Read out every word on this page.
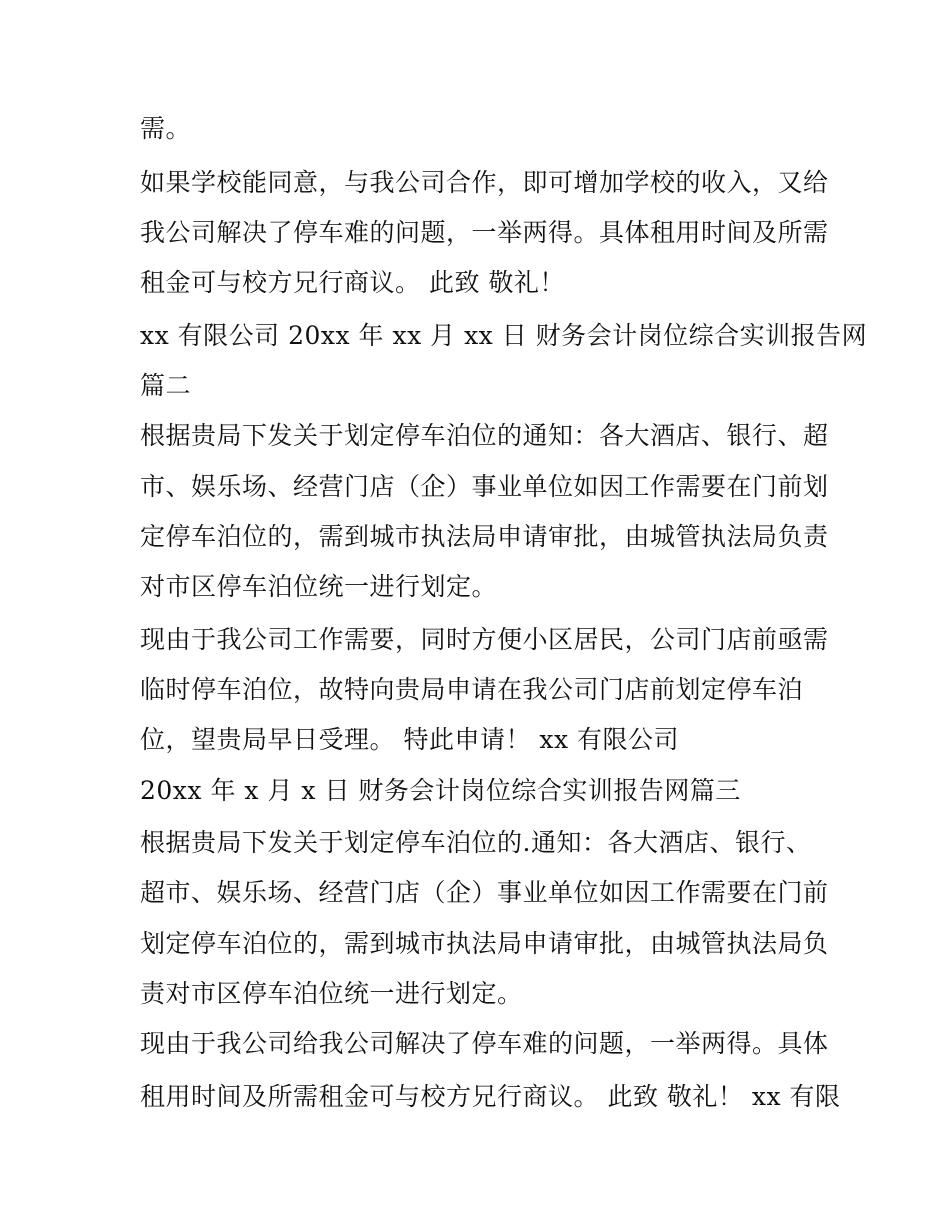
需。
如果学校能同意，与我公司合作，即可增加学校的收入，又给
我公司解决了停车难的问题，一举两得。具体租用时间及所需
租金可与校方兄行商议。 此致 敬礼！
xx 有限公司 20xx 年 xx 月 xx 日 财务会计岗位综合实训报告网
篇二
根据贵局下发关于划定停车泊位的通知：各大酒店、银行、超
市、娱乐场、经营门店（企）事业单位如因工作需要在门前划
定停车泊位的，需到城市执法局申请审批，由城管执法局负责
对市区停车泊位统一进行划定。
现由于我公司工作需要，同时方便小区居民，公司门店前亟需
临时停车泊位，故特向贵局申请在我公司门店前划定停车泊
位，望贵局早日受理。 特此申请！ xx 有限公司
20xx 年 x 月 x 日 财务会计岗位综合实训报告网篇三
根据贵局下发关于划定停车泊位的.通知：各大酒店、银行、
超市、娱乐场、经营门店（企）事业单位如因工作需要在门前
划定停车泊位的，需到城市执法局申请审批，由城管执法局负
责对市区停车泊位统一进行划定。
现由于我公司给我公司解决了停车难的问题，一举两得。具体
租用时间及所需租金可与校方兄行商议。 此致 敬礼！ xx 有限
